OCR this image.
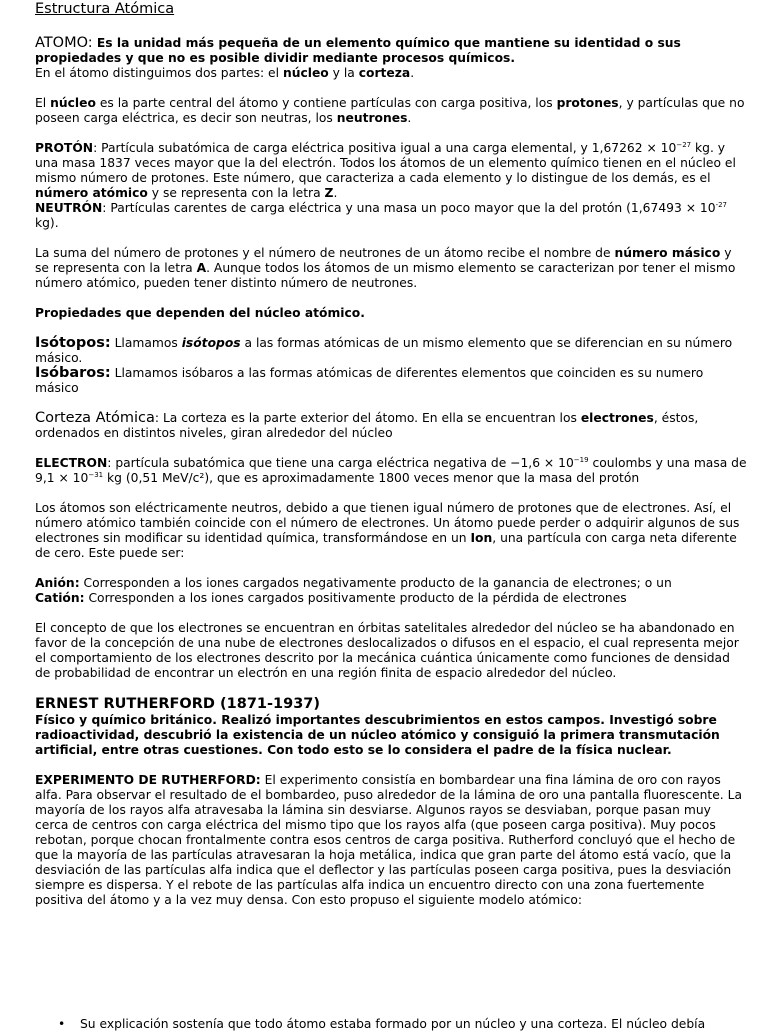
Estructura Atómica

ATOMO: Es la unidad más pequeña de un elemento químico que mantiene su identidad o sus propiedades y que no es posible dividir mediante procesos químicos.

En el átomo distinguimos dos partes: el núcleo y la corteza.

El núcleo es la parte central del átomo y contiene partículas con carga positiva, los protones, y partículas que no poseen carga eléctrica, es decir son neutras, los neutrones.

PROTÓN: Partícula subatómica de carga eléctrica positiva igual a una carga elemental, y $1,67262 \times 10^{-27}$ kg. y una masa 1837 veces mayor que la del electrón. Todos los átomos de un elemento químico tienen en el núcleo el mismo número de protones. Este número, que caracteriza a cada elemento y lo distingue de los demás, es el número atómico y se representa con la letra Z.

NEUTRÓN: Partículas carentes de carga eléctrica y una masa un poco mayor que la del protón ($1,67493 \times 10^{-27}$ kg).

La suma del número de protones y el número de neutrones de un átomo recibe el nombre de número másico y se representa con la letra A. Aunque todos los átomos de un mismo elemento se caracterizan por tener el mismo número atómico, pueden tener distinto número de neutrones.

Propiedades que dependen del núcleo atómico.

Isótopos: Llamamos isótopos a las formas atómicas de un mismo elemento que se diferencian en su número másico.

Isóbaros: Llamamos isóbaros a las formas atómicas de diferentes elementos que coinciden es su numero másico

Corteza Atómica: La corteza es la parte exterior del átomo. En ella se encuentran los electrones, éstos, ordenados en distintos niveles, giran alrededor del núcleo

ELECTRON: partícula subatómica que tiene una carga eléctrica negativa de $-1,6 \times 10^{-19}$ coulombs y una masa de $9,1 \times 10^{-31}$ kg (0,51 MeV/c²), que es aproximadamente 1800 veces menor que la masa del protón

Los átomos son eléctricamente neutros, debido a que tienen igual número de protones que de electrones. Así, el número atómico también coincide con el número de electrones. Un átomo puede perder o adquirir algunos de sus electrones sin modificar su identidad química, transformándose en un Ion, una partícula con carga neta diferente de cero. Este puede ser:

Anión: Corresponden a los iones cargados negativamente producto de la ganancia de electrones; o un

Catión: Corresponden a los iones cargados positivamente producto de la pérdida de electrones

El concepto de que los electrones se encuentran en órbitas satelitales alrededor del núcleo se ha abandonado en favor de la concepción de una nube de electrones deslocalizados o difusos en el espacio, el cual representa mejor el comportamiento de los electrones descrito por la mecánica cuántica únicamente como funciones de densidad de probabilidad de encontrar un electrón en una región finita de espacio alrededor del núcleo.

ERNEST RUTHERFORD (1871-1937)

Físico y químico británico. Realizó importantes descubrimientos en estos campos. Investigó sobre radioactividad, descubrió la existencia de un núcleo atómico y consiguió la primera transmutación artificial, entre otras cuestiones. Con todo esto se lo considera el padre de la física nuclear.

EXPERIMENTO DE RUTHERFORD: El experimento consistía en bombardear una fina lámina de oro con rayos alfa. Para observar el resultado de el bombardeo, puso alrededor de la lámina de oro una pantalla fluorescente. La mayoría de los rayos alfa atravesaba la lámina sin desviarse. Algunos rayos se desviaban, porque pasan muy cerca de centros con carga eléctrica del mismo tipo que los rayos alfa (que poseen carga positiva). Muy pocos rebotan, porque chocan frontalmente contra esos centros de carga positiva. Rutherford concluyó que el hecho de que la mayoría de las partículas atravesaran la hoja metálica, indica que gran parte del átomo está vacío, que la desviación de las partículas alfa indica que el deflector y las partículas poseen carga positiva, pues la desviación siempre es dispersa. Y el rebote de las partículas alfa indica un encuentro directo con una zona fuertemente positiva del átomo y a la vez muy densa. Con esto propuso el siguiente modelo atómico:

• Su explicación sostenía que todo átomo estaba formado por un núcleo y una corteza. El núcleo debía
